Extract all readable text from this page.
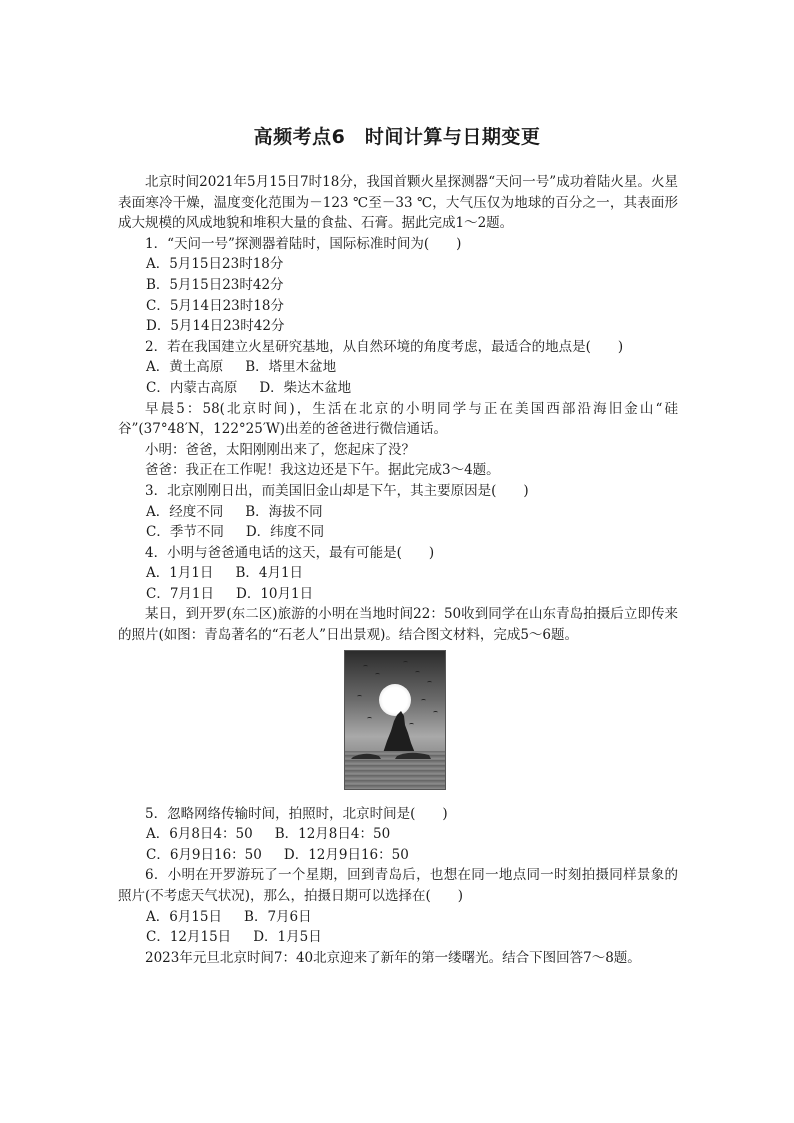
高频考点6　时间计算与日期变更

北京时间2021年5月15日7时18分，我国首颗火星探测器“天问一号”成功着陆火星。火星表面寒冷干燥，温度变化范围为－123 ℃至－33 ℃，大气压仅为地球的百分之一，其表面形成大规模的风成地貌和堆积大量的食盐、石膏。据此完成1～2题。

1．“天问一号”探测器着陆时，国际标准时间为(　　)

A．5月15日23时18分

B．5月15日23时42分

C．5月14日23时18分

D．5月14日23时42分

2．若在我国建立火星研究基地，从自然环境的角度考虑，最适合的地点是(　　)

A．黄土高原 B．塔里木盆地

C．内蒙古高原 D．柴达木盆地

早晨5：58(北京时间)，生活在北京的小明同学与正在美国西部沿海旧金山“硅谷”(37°48′N，122°25′W)出差的爸爸进行微信通话。

小明：爸爸，太阳刚刚出来了，您起床了没？

爸爸：我正在工作呢！我这边还是下午。据此完成3～4题。

3．北京刚刚日出，而美国旧金山却是下午，其主要原因是(　　)

A．经度不同 B．海拔不同

C．季节不同 D．纬度不同

4．小明与爸爸通电话的这天，最有可能是(　　)

A．1月1日 B．4月1日

C．7月1日 D．10月1日

某日，到开罗(东二区)旅游的小明在当地时间22：50收到同学在山东青岛拍摄后立即传来的照片(如图：青岛著名的“石老人”日出景观)。结合图文材料，完成5～6题。

5．忽略网络传输时间，拍照时，北京时间是(　　)

A．6月8日4：50 B．12月8日4：50

C．6月9日16：50 D．12月9日16：50

6．小明在开罗游玩了一个星期，回到青岛后，也想在同一地点同一时刻拍摄同样景象的照片(不考虑天气状况)，那么，拍摄日期可以选择在(　　)

A．6月15日 B．7月6日

C．12月15日 D．1月5日

2023年元旦北京时间7：40北京迎来了新年的第一缕曙光。结合下图回答7～8题。
